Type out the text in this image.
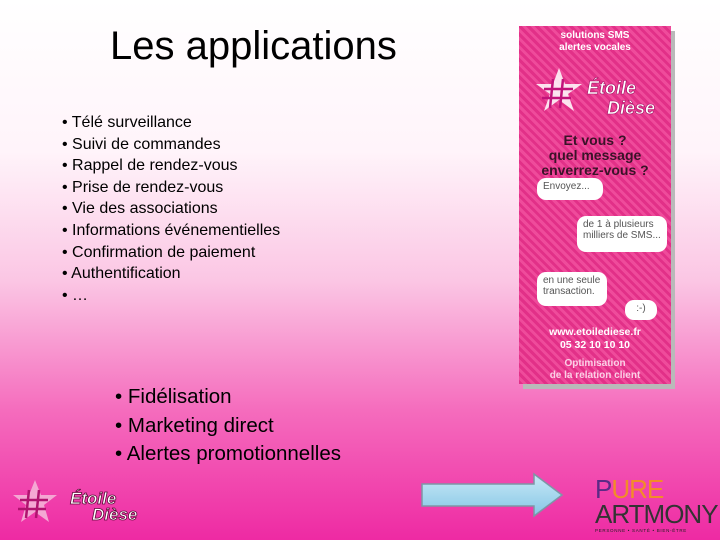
Les applications
• Télé surveillance
• Suivi de commandes
• Rappel de rendez-vous
• Prise de rendez-vous
• Vie des associations
• Informations événementielles
• Confirmation de paiement
• Authentification
• …
• Fidélisation
• Marketing direct
• Alertes promotionnelles
solutions SMS
alertes vocales
Étoile
Dièse
Et vous ?
quel message
enverrez-vous ?
Envoyez...
de 1 à plusieurs
milliers de SMS...
en une seule
transaction.
:-)
www.etoilediese.fr
05 32 10 10 10
Optimisation
de la relation client
Étoile
Dièse
PURE
ARTMONY
PERSONNE • SANTÉ • BIEN-ÊTRE
